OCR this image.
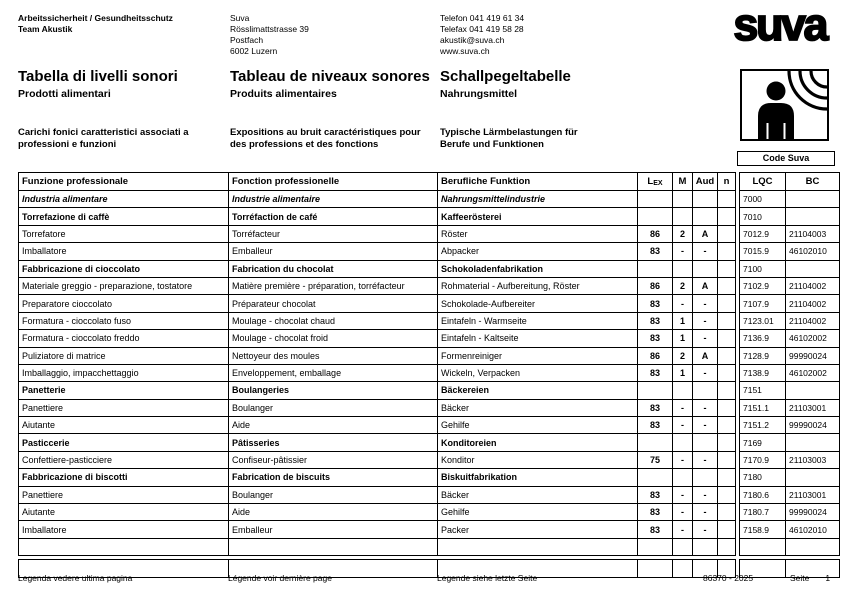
Arbeitssicherheit / Gesundheitsschutz
Team Akustik
Suva
Rösslimattstrasse 39
Postfach
6002 Luzern
Telefon 041 419 61 34
Telefax 041 419 58 28
akustik@suva.ch
www.suva.ch
suva
Tabella di livelli sonori
Prodotti alimentari
Tableau de niveaux sonores
Produits alimentaires
Schallpegeltabelle
Nahrungsmittel
Carichi fonici caratteristici associati a
professioni e funzioni
Expositions au bruit caractéristiques pour
des professions et des fonctions
Typische Lärmbelastungen für
Berufe und Funktionen
Code Suva
Funzione professionale	Fonction professionelle	Berufliche Funktion	LEX	M	Aud	n		LQC	BC
Industria alimentare	Industrie alimentaire	Nahrungsmittelindustrie						7000	
Torrefazione di caffè	Torréfaction de café	Kaffeerösterei						7010	
Torrefatore	Torréfacteur	Röster	86	2	A			7012.9	21104003
Imballatore	Emballeur	Abpacker	83	-	-			7015.9	46102010
Fabbricazione di cioccolato	Fabrication du chocolat	Schokoladenfabrikation						7100	
Materiale greggio - preparazione, tostatore	Matière première - préparation, torréfacteur	Rohmaterial - Aufbereitung, Röster	86	2	A			7102.9	21104002
Preparatore cioccolato	Préparateur chocolat	Schokolade-Aufbereiter	83	-	-			7107.9	21104002
Formatura - cioccolato fuso	Moulage - chocolat chaud	Eintafeln - Warmseite	83	1	-			7123.01	21104002
Formatura - cioccolato freddo	Moulage - chocolat froid	Eintafeln - Kaltseite	83	1	-			7136.9	46102002
Puliziatore di matrice	Nettoyeur des moules	Formenreiniger	86	2	A			7128.9	99990024
Imballaggio, impacchettaggio	Enveloppement, emballage	Wickeln, Verpacken	83	1	-			7138.9	46102002
Panetterie	Boulangeries	Bäckereien						7151	
Panettiere	Boulanger	Bäcker	83	-	-			7151.1	21103001
Aiutante	Aide	Gehilfe	83	-	-			7151.2	99990024
Pasticcerie	Pâtisseries	Konditoreien						7169	
Confettiere-pasticciere	Confiseur-pâtissier	Konditor	75	-	-			7170.9	21103003
Fabbricazione di biscotti	Fabrication de biscuits	Biskuitfabrikation						7180	
Panettiere	Boulanger	Bäcker	83	-	-			7180.6	21103001
Aiutante	Aide	Gehilfe	83	-	-			7180.7	99990024
Imballatore	Emballeur	Packer	83	-	-			7158.9	46102010

Legenda vedere ultima pagina	Légende voir dernière page	Legende siehe letzte Seite	86370 - 2025	Seite 1
